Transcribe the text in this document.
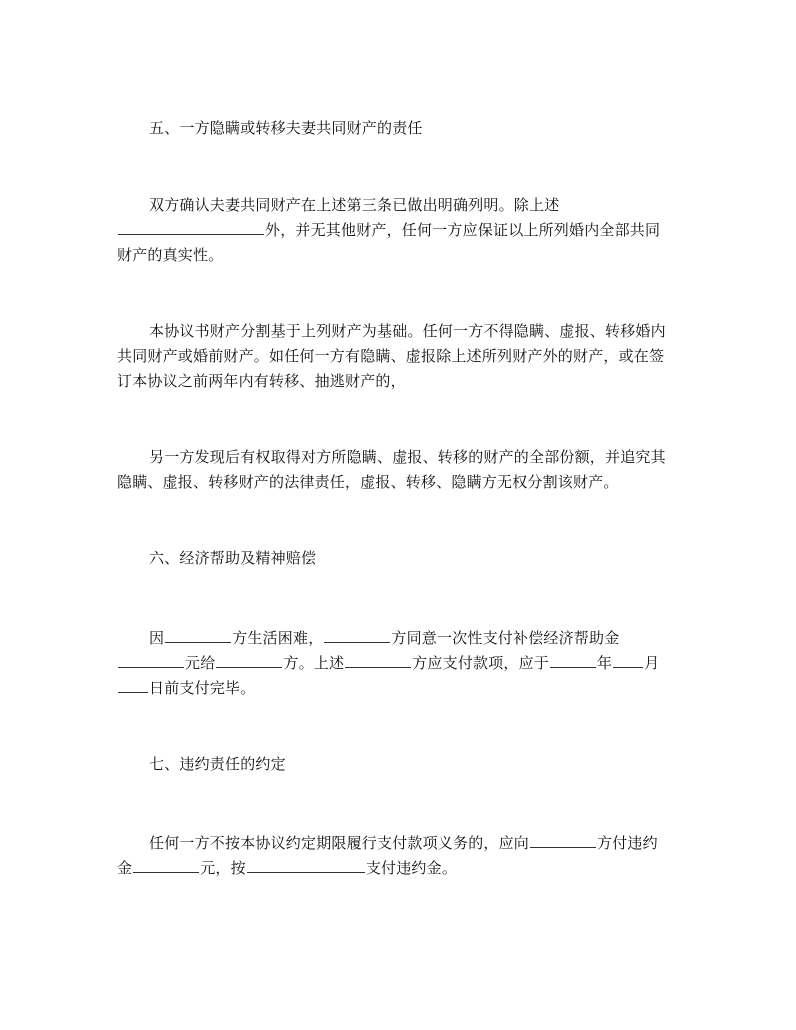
五、一方隐瞒或转移夫妻共同财产的责任
双方确认夫妻共同财产在上述第三条已做出明确列明。除上述
外，并无其他财产，任何一方应保证以上所列婚内全部共同
财产的真实性。
本协议书财产分割基于上列财产为基础。任何一方不得隐瞒、虚报、转移婚内
共同财产或婚前财产。如任何一方有隐瞒、虚报除上述所列财产外的财产，或在签
订本协议之前两年内有转移、抽逃财产的，
另一方发现后有权取得对方所隐瞒、虚报、转移的财产的全部份额，并追究其
隐瞒、虚报、转移财产的法律责任，虚报、转移、隐瞒方无权分割该财产。
六、经济帮助及精神赔偿
因	方生活困难，	方同意一次性支付补偿经济帮助金
元给	方。上述	方应支付款项，应于	年 月
日前支付完毕。
七、违约责任的约定
任何一方不按本协议约定期限履行支付款项义务的，应向	方付违约
金	元，按	支付违约金。
